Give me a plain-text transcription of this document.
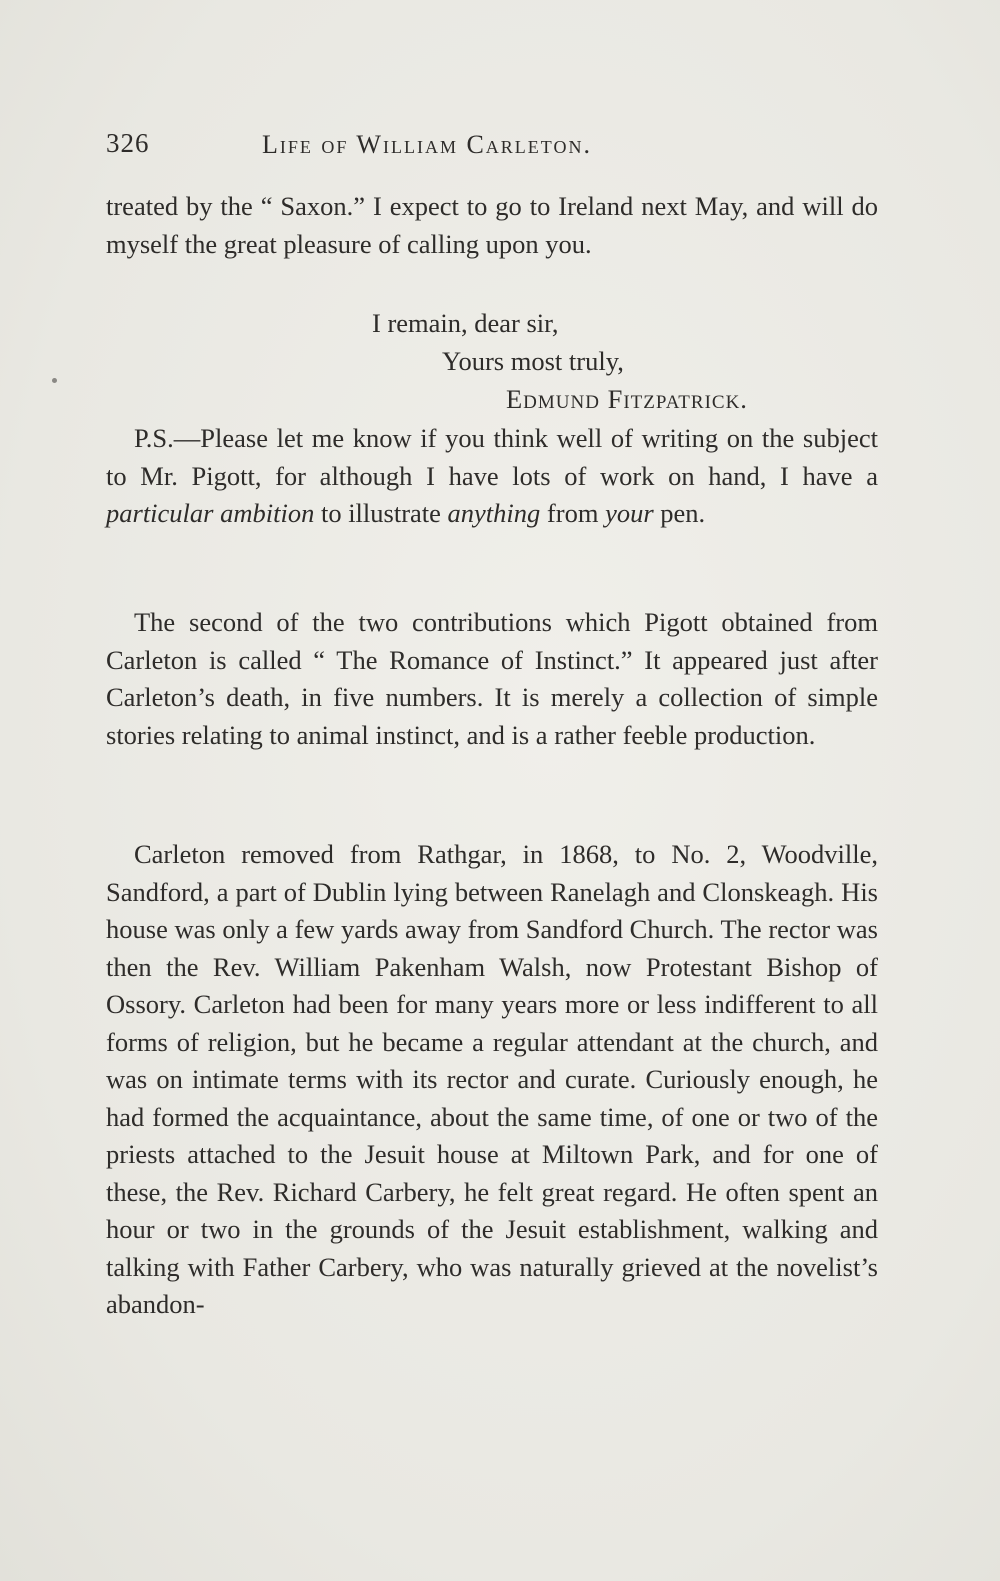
326	Life of William Carleton.

treated by the “ Saxon.” I expect to go to Ireland next May, and will do myself the great pleasure of calling upon you.

I remain, dear sir,
Yours most truly,
Edmund Fitzpatrick.

P.S.—Please let me know if you think well of writing on the subject to Mr. Pigott, for although I have lots of work on hand, I have a particular ambition to illustrate anything from your pen.

The second of the two contributions which Pigott obtained from Carleton is called “ The Romance of Instinct.” It appeared just after Carleton’s death, in five numbers. It is merely a collection of simple stories relating to animal instinct, and is a rather feeble production.

Carleton removed from Rathgar, in 1868, to No. 2, Woodville, Sandford, a part of Dublin lying between Ranelagh and Clonskeagh. His house was only a few yards away from Sandford Church. The rector was then the Rev. William Pakenham Walsh, now Protestant Bishop of Ossory. Carleton had been for many years more or less indifferent to all forms of religion, but he became a regular attendant at the church, and was on intimate terms with its rector and curate. Curiously enough, he had formed the acquaintance, about the same time, of one or two of the priests attached to the Jesuit house at Miltown Park, and for one of these, the Rev. Richard Carbery, he felt great regard. He often spent an hour or two in the grounds of the Jesuit establishment, walking and talking with Father Carbery, who was naturally grieved at the novelist’s abandon-
